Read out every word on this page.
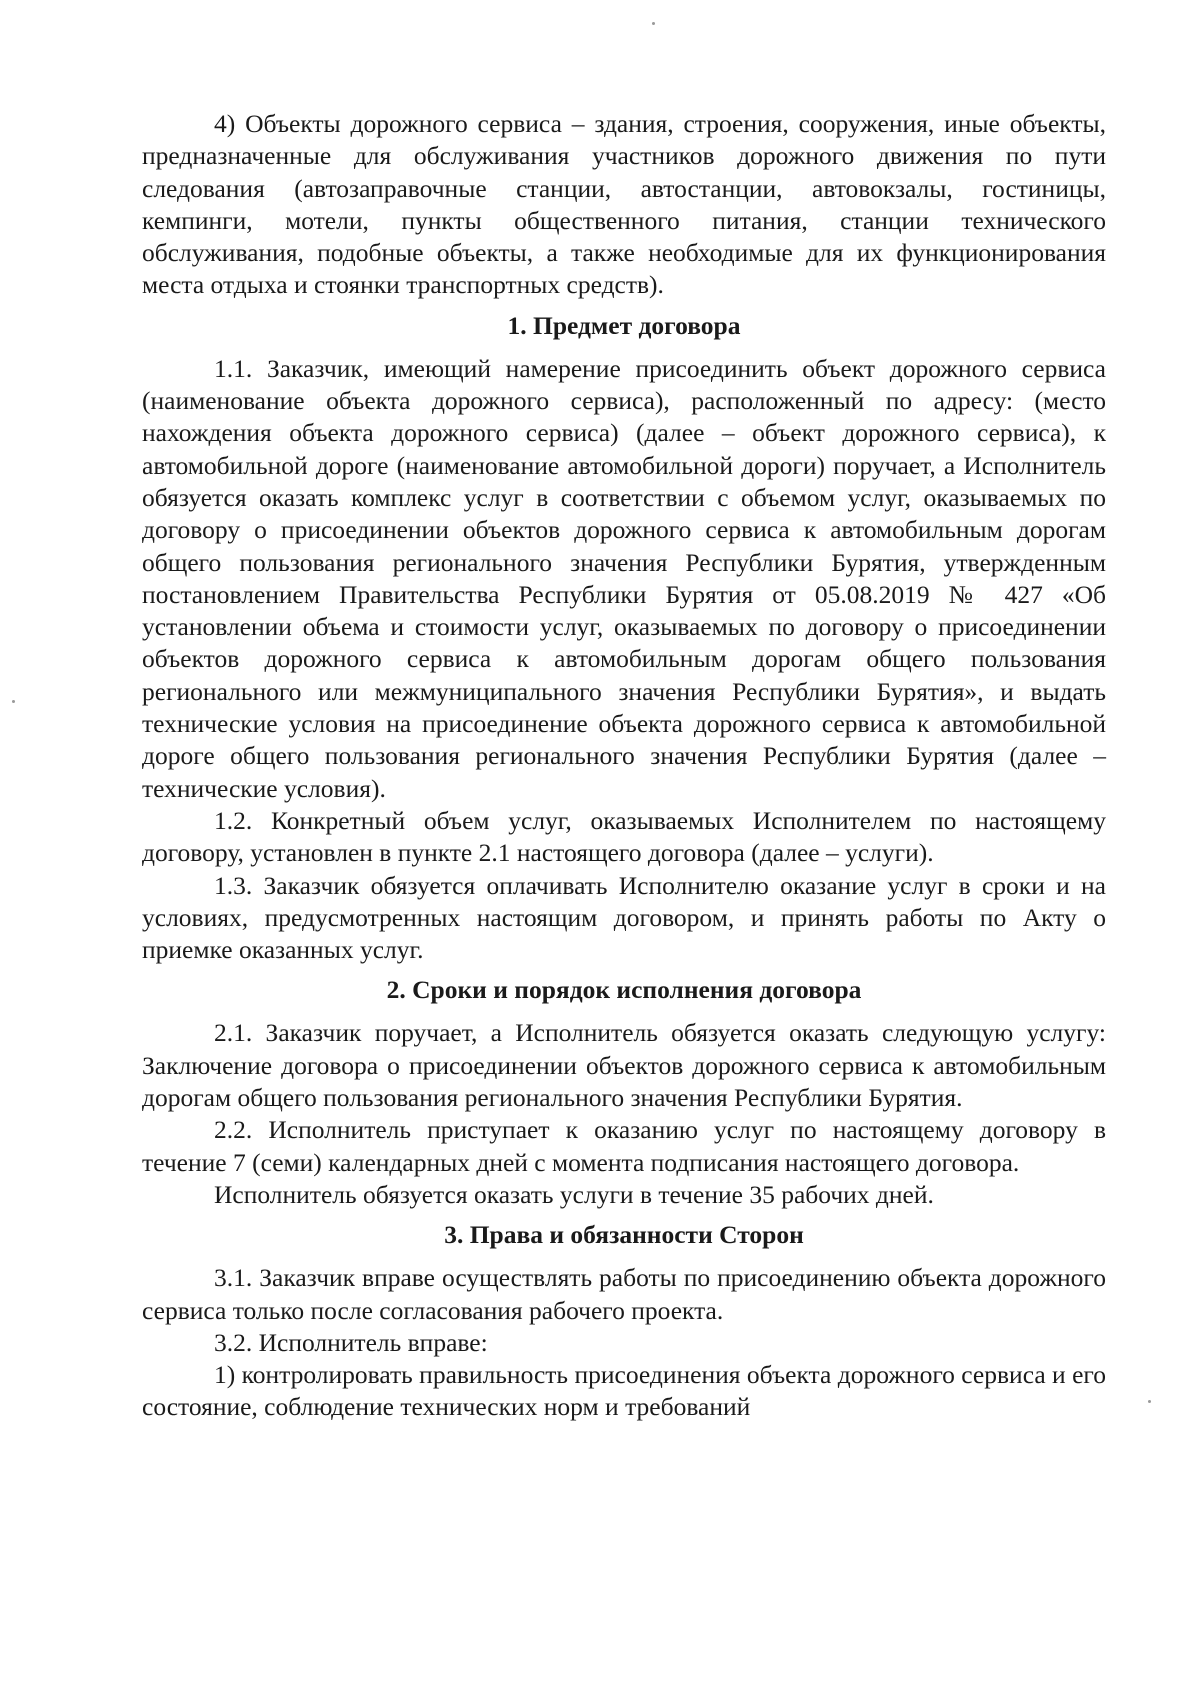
4) Объекты дорожного сервиса – здания, строения, сооружения, иные объекты, предназначенные для обслуживания участников дорожного движения по пути следования (автозаправочные станции, автостанции, автовокзалы, гостиницы, кемпинги, мотели, пункты общественного питания, станции технического обслуживания, подобные объекты, а также необходимые для их функционирования места отдыха и стоянки транспортных средств).

1. Предмет договора

1.1. Заказчик, имеющий намерение присоединить объект дорожного сервиса (наименование объекта дорожного сервиса), расположенный по адресу: (место нахождения объекта дорожного сервиса) (далее – объект дорожного сервиса), к автомобильной дороге (наименование автомобильной дороги) поручает, а Исполнитель обязуется оказать комплекс услуг в соответствии с объемом услуг, оказываемых по договору о присоединении объектов дорожного сервиса к автомобильным дорогам общего пользования регионального значения Республики Бурятия, утвержденным постановлением Правительства Республики Бурятия от 05.08.2019 № 427 «Об установлении объема и стоимости услуг, оказываемых по договору о присоединении объектов дорожного сервиса к автомобильным дорогам общего пользования регионального или межмуниципального значения Республики Бурятия», и выдать технические условия на присоединение объекта дорожного сервиса к автомобильной дороге общего пользования регионального значения Республики Бурятия (далее – технические условия).

1.2. Конкретный объем услуг, оказываемых Исполнителем по настоящему договору, установлен в пункте 2.1 настоящего договора (далее – услуги).

1.3. Заказчик обязуется оплачивать Исполнителю оказание услуг в сроки и на условиях, предусмотренных настоящим договором, и принять работы по Акту о приемке оказанных услуг.

2. Сроки и порядок исполнения договора

2.1. Заказчик поручает, а Исполнитель обязуется оказать следующую услугу: Заключение договора о присоединении объектов дорожного сервиса к автомобильным дорогам общего пользования регионального значения Республики Бурятия.

2.2. Исполнитель приступает к оказанию услуг по настоящему договору в течение 7 (семи) календарных дней с момента подписания настоящего договора.

Исполнитель обязуется оказать услуги в течение 35 рабочих дней.

3. Права и обязанности Сторон

3.1. Заказчик вправе осуществлять работы по присоединению объекта дорожного сервиса только после согласования рабочего проекта.

3.2. Исполнитель вправе:

1) контролировать правильность присоединения объекта дорожного сервиса и его состояние, соблюдение технических норм и требований
